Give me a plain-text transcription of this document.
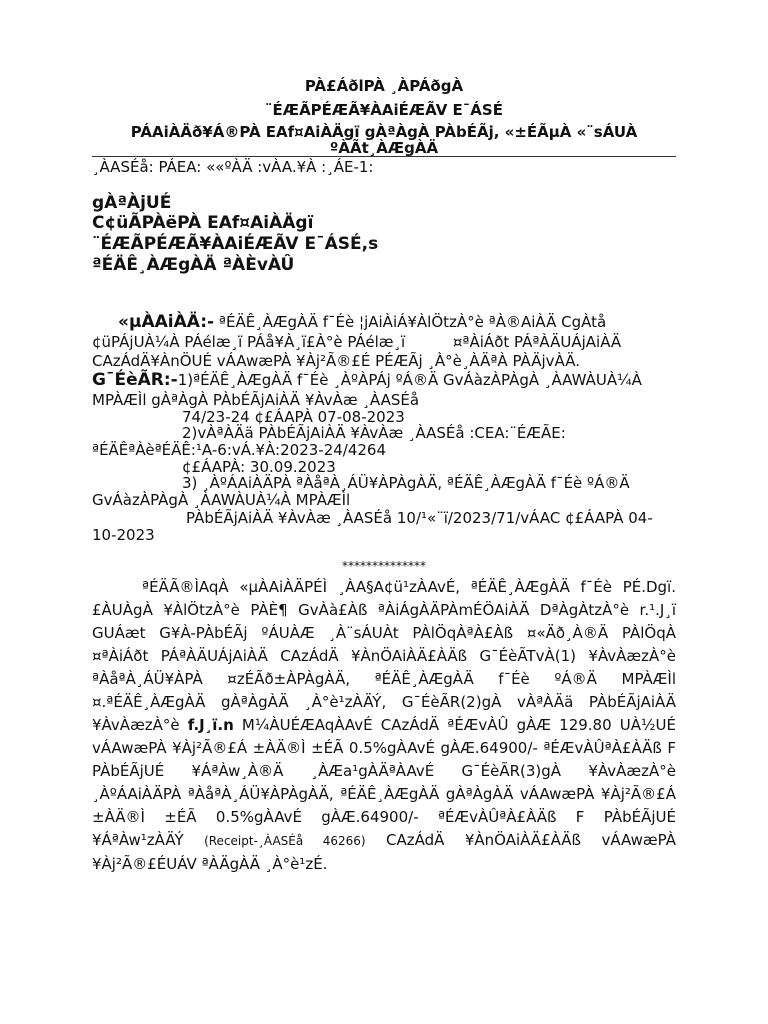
PÀ£ÁðlPÀ ¸ÀPÁðgÀ

¨ÉÆÃPÉÆÃ¥ÀAiÉÆÃV E¯ÁSÉ

PÁAiÀÄð¥Á®PÀ EAf¤AiÀÄgï gÀªÀgÀ PÀbÉÃj, «±ÉÃµÀ «¨sÁUÀ

ºÀÃt¸ÀÆgÀÄ

¸ÀASÉå: PÁEA: ««ºÀÄ :vÀA.¥À :¸ÁE-1:
gÀªÀjUÉ
C¢üÃPÀëPÀ EAf¤AiÀÄgï
¨ÉÆÃPÉÆÃ¥ÀAiÉÆÃV E¯ÁSÉ,s
ªÉÄÊ¸ÀÆgÀÄ ªÀÈvÀÛ
«µÀAiÀÄ:- ªÉÄÊ¸ÀÆgÀÄ f¯Éè ¦jAiÀiÁ¥ÀlÖtzÀ°è ªÀ®AiÀÄ CgÀtå
¢üPÁjUÀ¼À PÁélæ¸ï PÁå¥À¸ï£À°è PÁélæ¸ï          ¤ªÀiÁðt PÁªÀÄUÁjAiÀÄ
CAzÁdÄ¥ÀnÖUÉ vÁAwæPÀ ¥Àj²Ã®£É PÉÆÃj ¸À°è¸ÀÄªÀ PÀÄjvÀÄ.
G¯ÉèÃR:-1)ªÉÄÊ¸ÀÆgÀÄ f¯Éè ¸ÀºÀPÁj ºÁ®Ä GvÁàzÀPÀgÀ ¸ÀAWÀUÀ¼À
MPÀÆÌl gÀªÀgÀ PÀbÉÃjAiÀÄ ¥ÀvÀæ ¸ÀASÉå
74/23-24 ¢£ÁAPÀ 07-08-2023
2)vÀªÀÄä PÀbÉÃjAiÀÄ ¥ÀvÀæ ¸ÀASÉå :CEA:¨ÉÆÃE:
ªÉÄÊªÀèªÉÄÊ:¹A-6:vÁ.¥À:2023-24/4264
¢£ÁAPÀ: 30.09.2023
3) ¸ÀºÁAiÀÄPÀ ªÀåªÀ¸ÁÜ¥ÀPÀgÀÄ, ªÉÄÊ¸ÀÆgÀÄ f¯Éè ºÁ®Ä
GvÁàzÀPÀgÀ ¸ÀAWÀUÀ¼À MPÀÆÌl
PÀbÉÃjAiÀÄ ¥ÀvÀæ ¸ÀASÉå 10/¹«¨ï/2023/71/vÁAC ¢£ÁAPÀ 04-
10-2023
**************

ªÉÄÃ®ÌAqÀ «µÀAiÀÄPÉÌ ¸ÀA§A¢ü¹zÀAvÉ, ªÉÄÊ¸ÀÆgÀÄ f¯Éè PÉ.Dgï. £ÀUÀgÀ ¥ÀlÖtzÀ°è PÀÈ¶ GvÀà£Àß ªÀiÁgÀÄPÀmÉÖAiÀÄ DªÀgÀtzÀ°è r.¹.J¸ï GUÁæt G¥À-PÀbÉÃj ºÁUÀÆ ¸À¨sÁUÀt PÀlÖqÀªÀ£Àß ¤«Äð¸À®Ä PÀlÖqÀ ¤ªÀiÁðt PÁªÀÄUÁjAiÀÄ CAzÁdÄ ¥ÀnÖAiÀÄ£ÀÄß G¯ÉèÃTvÀ(1) ¥ÀvÀæzÀ°è ªÀåªÀ¸ÁÜ¥ÀPÀ ¤zÉÃð±ÀPÀgÀÄ, ªÉÄÊ¸ÀÆgÀÄ f¯Éè ºÁ®Ä MPÀÆÌl ¤.ªÉÄÊ¸ÀÆgÀÄ gÀªÀgÀÄ ¸À°è¹zÀÄÝ, G¯ÉèÃR(2)gÀ vÀªÀÄä PÀbÉÃjAiÀÄ ¥ÀvÀæzÀ°è f.J¸ï.n M¼ÀUÉÆAqÀAvÉ CAzÁdÄ ªÉÆvÀÛ gÀÆ 129.80 UÀ½UÉ vÁAwæPÀ ¥Àj²Ã®£Á ±ÀÄ®Ì ±ÉÃ 0.5%gÀAvÉ gÀÆ.64900/- ªÉÆvÀÛªÀ£ÀÄß F PÀbÉÃjUÉ ¥ÁªÀw¸À®Ä ¸ÀÆa¹gÀÄªÀAvÉ G¯ÉèÃR(3)gÀ ¥ÀvÀæzÀ°è ¸ÀºÁAiÀÄPÀ ªÀåªÀ¸ÁÜ¥ÀPÀgÀÄ, ªÉÄÊ¸ÀÆgÀÄ gÀªÀgÀÄ vÁAwæPÀ ¥Àj²Ã®£Á ±ÀÄ®Ì ±ÉÃ 0.5%gÀAvÉ gÀÆ.64900/- ªÉÆvÀÛªÀ£ÀÄß F PÀbÉÃjUÉ ¥ÁªÀw¹zÀÄÝ (Receipt-¸ÀASÉå 46266) CAzÁdÄ ¥ÀnÖAiÀÄ£ÀÄß vÁAwæPÀ ¥Àj²Ã®£ÉUÁV ªÀÄgÀÄ ¸À°è¹zÉ.
